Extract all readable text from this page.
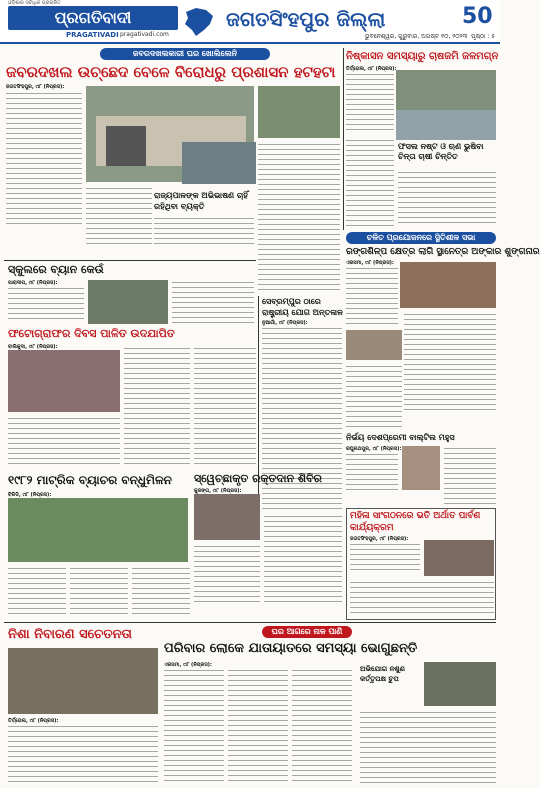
ଓଡ଼ିଶାର ସର୍ବାଧିକ ପ୍ରଚାରିତ
ପ୍ରଗତିବାଦୀ
PRAGATIVADI pragativadi.com
ଜଗତସିଂହପୁର ଜିଲ୍ଲା	50
ଭୁବନେଶ୍ୱର, ଗୁରୁବାର, ଅଗଷ୍ଟ ୧୦, ୨୦୨୩ ପୃଷ୍ଠା : ୫
ଜବରଦଖଲକାରୀ ଘର ଖୋଲିଲେନି
ଜବରଦଖଲ ଉଚ୍ଛେଦ ବେଳେ ବିରୋଧରୁ ପ୍ରଶାସନ ହଟହଟା
ଜଗତସିଂହପୁର, ୯ା୮ (ନିପ୍ରସ):
ରାଜ୍ୟପାଳଙ୍କ ଅଭିଭାଷଣ ଚାହିଁ ରହିଥିବା ବ୍ୟକ୍ତି
ନିଷ୍କାସନ ସମସ୍ୟାରୁ ଚାଷଜମି ଜଳମଗ୍ନ
ତିର୍ତ୍ତୋଲ, ୯ା୮ (ନିପ୍ରସ):
ଫସଲ ନଷ୍ଟ ଓ ଋଣ ଭୁଷିବା ଚିନ୍ତା ଚାଷୀ ଚିନ୍ତିତ
ଚଳିତ ପ୍ରଯୋଜନରେ ସ୍ଥିତିଶୀଳ ସଭା
ରଙ୍ଗଶିଳ୍ପ କ୍ଷେତ୍ର ଲାଗି ସ୍ଥାନେତ୍ର ଅଙ୍କାର ଶୁଙ୍ଗନାର
ଏରସମା, ୯ା୮ (ନିପ୍ରସ):
ସ୍କୁଲରେ ବ୍ୟାନ କେଉଁ
ପାରାଦୀପ, ୯ା୮ (ନିପ୍ରସ):
ଫଟୋଗ୍ରାଫର ଦିବସ ପାଳିତ ଉଦଯାପିତ
ବାଲିକୁଦା, ୯ା୮ (ନିପ୍ରସ):
ସେବ୍ରମ୍ପୁର ଠାରେ ରାଷ୍ଟ୍ରୀୟ ଯୋଗ ଅନ୍ତଳାଳ
ନୁଆଗାଁ, ୯ା୮ (ନିପ୍ରସ):
ସ୍ୱେଚ୍ଛାକୃତ ରକ୍ତଦାନ ଶିବିର
କୁଜଙ୍ଗ, ୯ା୮ (ନିପ୍ରସ):
ନିର୍ଭୟ ଦେଶପ୍ରେମୀ ବାଲ୍ଟିଲ ମହୁସ
ରଘୁନାଥପୁର, ୯ା୮ (ନିପ୍ରସ):
ମହିଳା ସାଂଗଠନରେ ଭତି ଅର୍ଥାତ ପାର୍ବଣ କାର୍ଯ୍ୟକ୍ରମ
ଜଗତସିଂହପୁର, ୯ା୮ (ନିପ୍ରସ):
୧୯୮୨ ମାଟ୍ରିକ ବ୍ୟାଚର ବନ୍ଧୁମିଳନ
ବିରିଡି, ୯ା୮ (ନିପ୍ରସ):
ନିଶା ନିବାରଣ ସଚେତନତା
ତିର୍ତ୍ତୋଲ, ୯ା୮ (ନିପ୍ରସ):
ଘର ଆଗରେ ନାଳ ପାଣି
ପରିବାର ଲୋକେ ଯାତାୟାତରେ ସମସ୍ୟା ଭୋଗୁଛନ୍ତି
ଏରସମା, ୯ା୮ (ନିପ୍ରସ):	ଅଭିଯୋଗ ନଶୁଣ କର୍ତ୍ତୃପକ୍ଷ ଚୁପ
